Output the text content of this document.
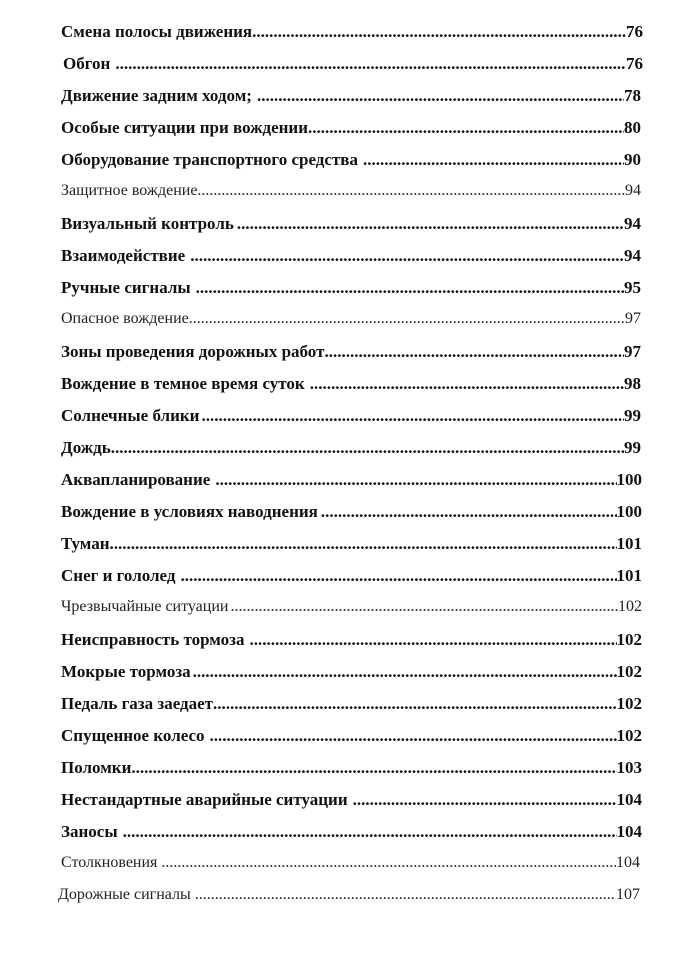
Смена полосы движения .....	76
Обгон .....	76
Движение задним ходом; .....	78
Особые ситуации при вождении .....	80
Оборудование транспортного средства .....	90
Защитное вождение .....	94
Визуальный контроль .....	94
Взаимодействие .....	94
Ручные сигналы .....	95
Опасное вождение .....	97
Зоны проведения дорожных работ .....	97
Вождение в темное время суток .....	98
Солнечные блики .....	99
Дождь .....	99
Аквапланирование .....	100
Вождение в условиях наводнения .....	100
Туман .....	101
Снег и гололед .....	101
Чрезвычайные ситуации .....	102
Неисправность тормоза .....	102
Мокрые тормоза .....	102
Педаль газа заедает .....	102
Спущенное колесо .....	102
Поломки .....	103
Нестандартные аварийные ситуации .....	104
Заносы .....	104
Столкновения .....	104
Дорожные сигналы .....	107
